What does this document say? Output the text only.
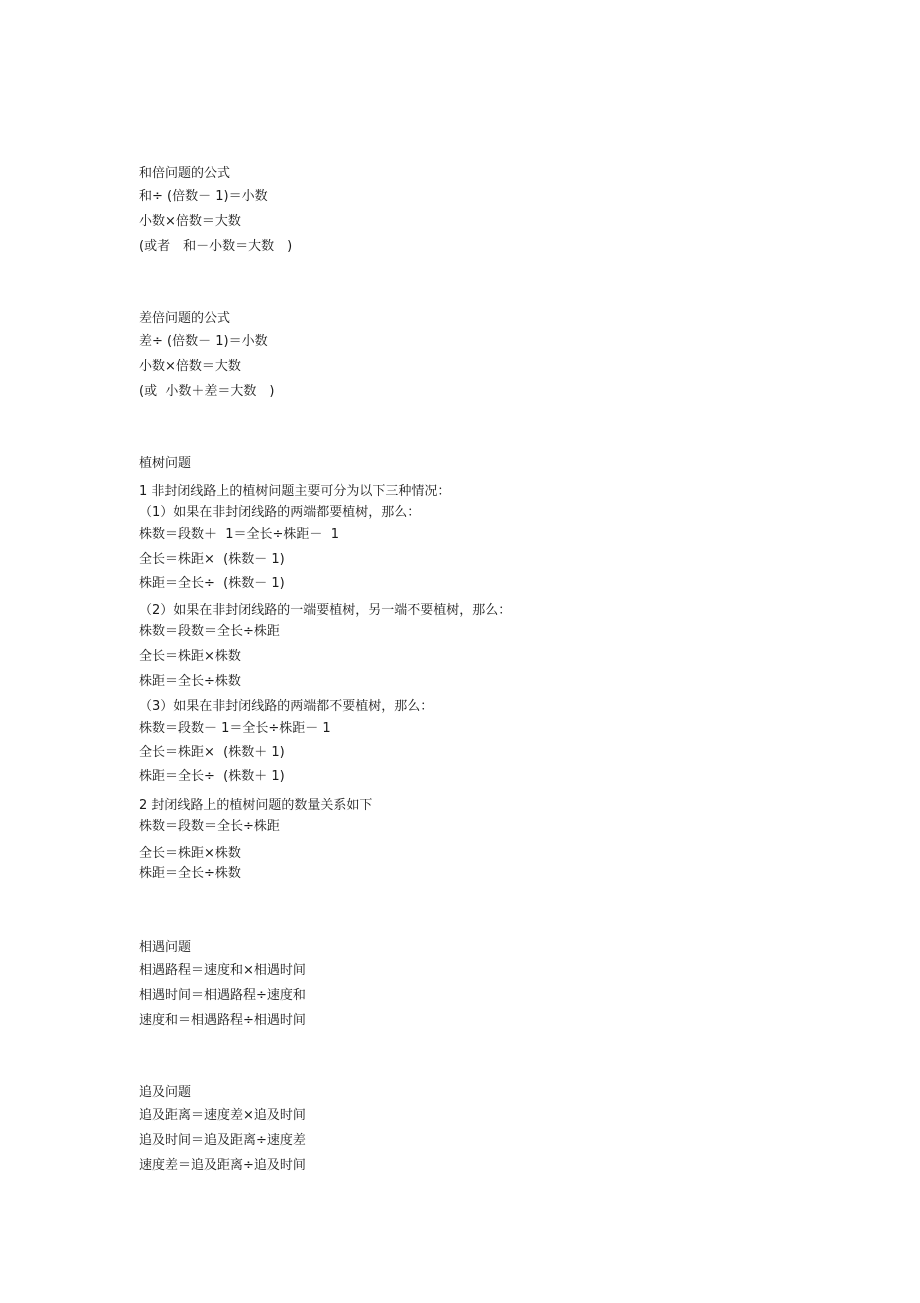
和倍问题的公式

和÷ (倍数－ 1)＝小数

小数×倍数＝大数

(或者　和－小数＝大数　)

差倍问题的公式

差÷ (倍数－ 1)＝小数

小数×倍数＝大数

(或  小数＋差＝大数　)

植树问题

1 非封闭线路上的植树问题主要可分为以下三种情况：

（1）如果在非封闭线路的两端都要植树，那么：

株数＝段数＋  1＝全长÷株距－  1

全长＝株距×  (株数－ 1)

株距＝全长÷  (株数－ 1)

（2）如果在非封闭线路的一端要植树，另一端不要植树，那么：

株数＝段数＝全长÷株距

全长＝株距×株数

株距＝全长÷株数

（3）如果在非封闭线路的两端都不要植树，那么：

株数＝段数－ 1＝全长÷株距－ 1

全长＝株距×  (株数＋ 1)

株距＝全长÷  (株数＋ 1)

2 封闭线路上的植树问题的数量关系如下

株数＝段数＝全长÷株距

全长＝株距×株数

株距＝全长÷株数

相遇问题

相遇路程＝速度和×相遇时间

相遇时间＝相遇路程÷速度和

速度和＝相遇路程÷相遇时间

追及问题

追及距离＝速度差×追及时间

追及时间＝追及距离÷速度差

速度差＝追及距离÷追及时间
